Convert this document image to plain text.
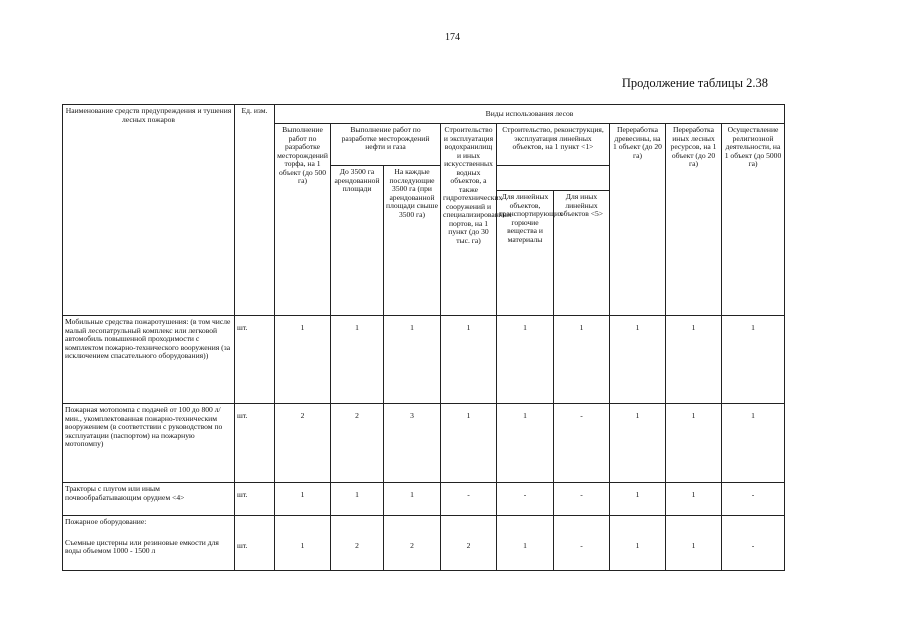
174
Продолжение таблицы 2.38
Наименование средств предупреждения и тушения лесных пожаров	Ед. изм.	Виды использования лесов								
		Выполнение работ по разработке месторождений торфа, на 1 объект (до 500 га)	Выполнение работ по разработке месторождений нефти и газа		Строительство и эксплуатация водохранилищ и иных искусственных водных объектов, а также гидротехнических сооружений и специализированных портов, на 1 пункт (до 30 тыс. га)	Строительство, реконструкция, эксплуатация линейных объектов, на 1 пункт <1>		Переработка древесины, на 1 объект (до 20 га)	Переработка иных лесных ресурсов, на 1 объект (до 20 га)	Осуществление религиозной деятельности, на 1 объект (до 5000 га)
			До 3500 га арендованной площади	На каждые последующие 3500 га (при арендованной площади свыше 3500 га)						
						Для линейных объектов, транспортирующих горючие вещества и материалы	Для иных линейных объектов <5>			
Мобильные средства пожаротушения: (в том числе малый лесопатрульный комплекс или легковой автомобиль повышенной проходимости с комплектом пожарно-технического вооружения (за исключением спасательного оборудования))	шт.	1	1	1	1	1	1	1	1	1
Пожарная мотопомпа с подачей от 100 до 800 л/мин., укомплектованная пожарно-техническим вооружением (в соответствии с руководством по эксплуатации (паспортом) на пожарную мотопомпу)	шт.	2	2	3	1	1	-	1	1	1
Тракторы с плугом или иным почвообрабатывающим орудием <4>	шт.	1	1	1	-	-	-	1	1	-

Пожарное оборудование:
Съемные цистерны или резиновые емкости для воды объемом 1000 - 1500 л	шт.	1	2	2	2	1	-	1	1	-
